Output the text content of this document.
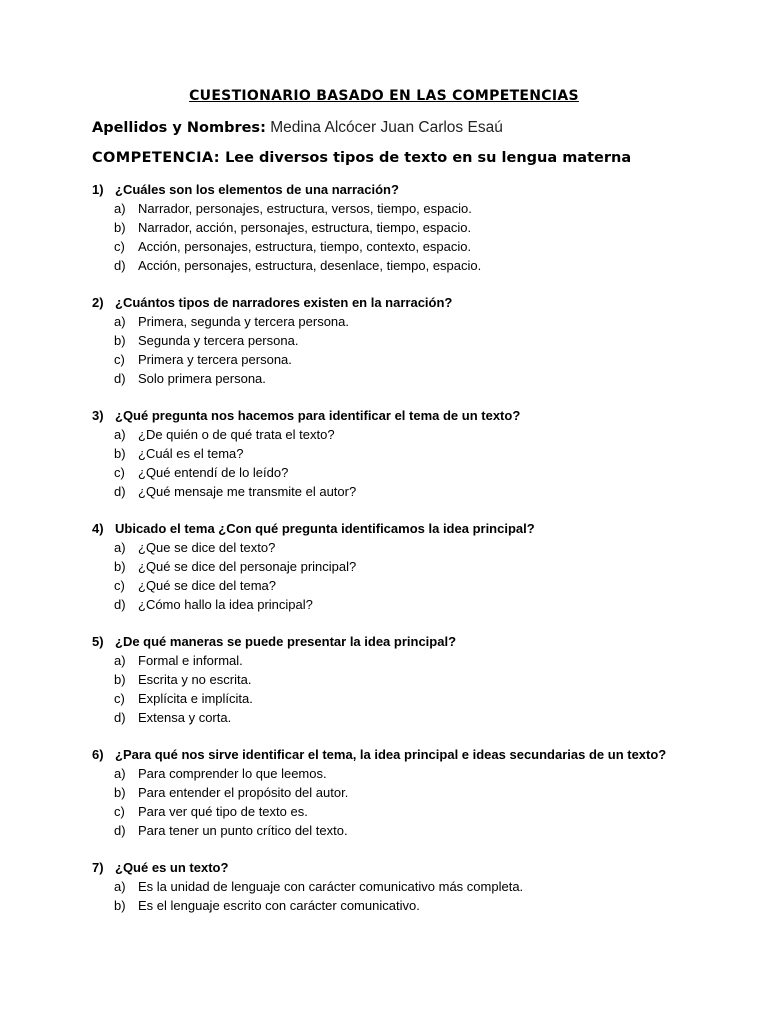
CUESTIONARIO BASADO EN LAS COMPETENCIAS
Apellidos y Nombres: Medina Alcócer Juan Carlos Esaú
COMPETENCIA: Lee diversos tipos de texto en su lengua materna
1) ¿Cuáles son los elementos de una narración?
a) Narrador, personajes, estructura, versos, tiempo, espacio.
b) Narrador, acción, personajes, estructura, tiempo, espacio.
c)	Acción, personajes, estructura, tiempo, contexto, espacio.
d) Acción, personajes, estructura, desenlace, tiempo, espacio.
2) ¿Cuántos tipos de narradores existen en la narración?
a) Primera, segunda y tercera persona.
b) Segunda y tercera persona.
c)	Primera y tercera persona.
d) Solo primera persona.
3) ¿Qué pregunta nos hacemos para identificar el tema de un texto?
a) ¿De quién o de qué trata el texto?
b) ¿Cuál es el tema?
c)	¿Qué entendí de lo leído?
d) ¿Qué mensaje me transmite el autor?
4) Ubicado el tema ¿Con qué pregunta identificamos la idea principal?
a) ¿Que se dice del texto?
b) ¿Qué se dice del personaje principal?
c)	¿Qué se dice del tema?
d) ¿Cómo hallo la idea principal?
5) ¿De qué maneras se puede presentar la idea principal?
a) Formal e informal.
b) Escrita y no escrita.
c)	Explícita e implícita.
d) Extensa y corta.
6) ¿Para qué nos sirve identificar el tema, la idea principal e ideas secundarias de un texto?
a) Para comprender lo que leemos.
b) Para entender el propósito del autor.
c)	Para ver qué tipo de texto es.
d) Para tener un punto crítico del texto.
7) ¿Qué es un texto?
a) Es la unidad de lenguaje con carácter comunicativo más completa.
b) Es el lenguaje escrito con carácter comunicativo.
